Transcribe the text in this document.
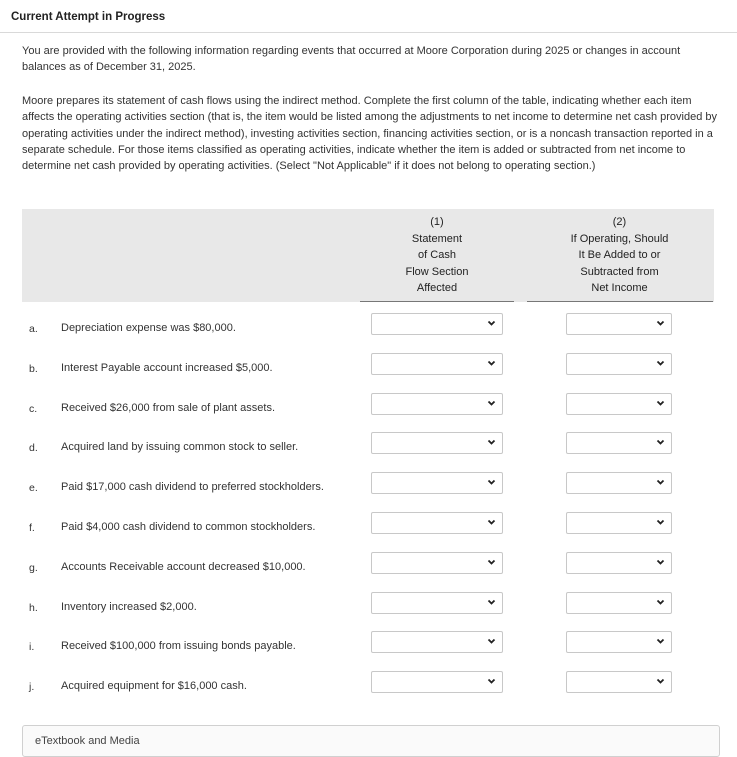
Current Attempt in Progress
You are provided with the following information regarding events that occurred at Moore Corporation during 2025 or changes in account balances as of December 31, 2025.
Moore prepares its statement of cash flows using the indirect method. Complete the first column of the table, indicating whether each item affects the operating activities section (that is, the item would be listed among the adjustments to net income to determine net cash provided by operating activities under the indirect method), investing activities section, financing activities section, or is a noncash transaction reported in a separate schedule. For those items classified as operating activities, indicate whether the item is added or subtracted from net income to determine net cash provided by operating activities. (Select "Not Applicable" if it does not belong to operating section.)
(1)
Statement
of Cash
Flow Section
Affected
(2)
If Operating, Should
It Be Added to or
Subtracted from
Net Income
a. Depreciation expense was $80,000.
b. Interest Payable account increased $5,000.
c. Received $26,000 from sale of plant assets.
d. Acquired land by issuing common stock to seller.
e. Paid $17,000 cash dividend to preferred stockholders.
f. Paid $4,000 cash dividend to common stockholders.
g. Accounts Receivable account decreased $10,000.
h. Inventory increased $2,000.
i. Received $100,000 from issuing bonds payable.
j. Acquired equipment for $16,000 cash.
eTextbook and Media
